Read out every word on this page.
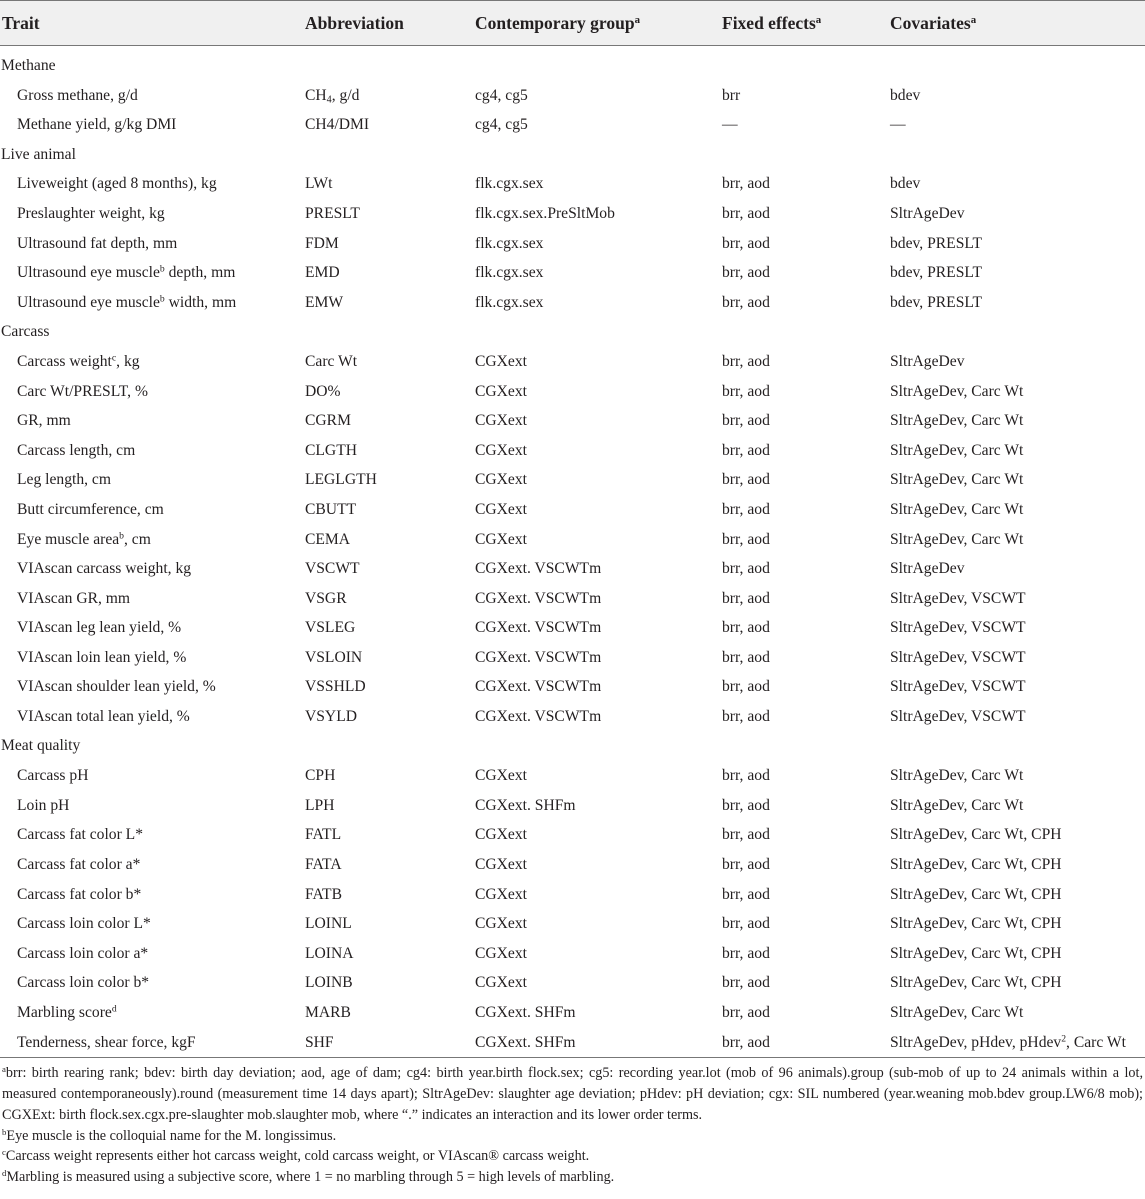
Trait	Abbreviation	Contemporary group$^a$	Fixed effects$^a$	Covariates$^a$
Methane				
Gross methane, g/d	$CH_4$, g/d	cg4, cg5	brr	bdev
Methane yield, g/kg DMI	CH4/DMI	cg4, cg5	—	—
Live animal				
Liveweight (aged 8 months), kg	LWt	flk.cgx.sex	brr, aod	bdev
Preslaughter weight, kg	PRESLT	flk.cgx.sex.PreSltMob	brr, aod	SltrAgeDev
Ultrasound fat depth, mm	FDM	flk.cgx.sex	brr, aod	bdev, PRESLT
Ultrasound eye muscle$^b$ depth, mm	EMD	flk.cgx.sex	brr, aod	bdev, PRESLT
Ultrasound eye muscle$^b$ width, mm	EMW	flk.cgx.sex	brr, aod	bdev, PRESLT
Carcass				
Carcass weight$^c$, kg	Carc Wt	CGXext	brr, aod	SltrAgeDev
Carc Wt/PRESLT, %	DO%	CGXext	brr, aod	SltrAgeDev, Carc Wt
GR, mm	CGRM	CGXext	brr, aod	SltrAgeDev, Carc Wt
Carcass length, cm	CLGTH	CGXext	brr, aod	SltrAgeDev, Carc Wt
Leg length, cm	LEGLGTH	CGXext	brr, aod	SltrAgeDev, Carc Wt
Butt circumference, cm	CBUTT	CGXext	brr, aod	SltrAgeDev, Carc Wt
Eye muscle area$^b$, cm	CEMA	CGXext	brr, aod	SltrAgeDev, Carc Wt
VIAscan carcass weight, kg	VSCWT	CGXext. VSCWTm	brr, aod	SltrAgeDev
VIAscan GR, mm	VSGR	CGXext. VSCWTm	brr, aod	SltrAgeDev, VSCWT
VIAscan leg lean yield, %	VSLEG	CGXext. VSCWTm	brr, aod	SltrAgeDev, VSCWT
VIAscan loin lean yield, %	VSLOIN	CGXext. VSCWTm	brr, aod	SltrAgeDev, VSCWT
VIAscan shoulder lean yield, %	VSSHLD	CGXext. VSCWTm	brr, aod	SltrAgeDev, VSCWT
VIAscan total lean yield, %	VSYLD	CGXext. VSCWTm	brr, aod	SltrAgeDev, VSCWT
Meat quality				
Carcass pH	CPH	CGXext	brr, aod	SltrAgeDev, Carc Wt
Loin pH	LPH	CGXext. SHFm	brr, aod	SltrAgeDev, Carc Wt
Carcass fat color L*	FATL	CGXext	brr, aod	SltrAgeDev, Carc Wt, CPH
Carcass fat color a*	FATA	CGXext	brr, aod	SltrAgeDev, Carc Wt, CPH
Carcass fat color b*	FATB	CGXext	brr, aod	SltrAgeDev, Carc Wt, CPH
Carcass loin color L*	LOINL	CGXext	brr, aod	SltrAgeDev, Carc Wt, CPH
Carcass loin color a*	LOINA	CGXext	brr, aod	SltrAgeDev, Carc Wt, CPH
Carcass loin color b*	LOINB	CGXext	brr, aod	SltrAgeDev, Carc Wt, CPH
Marbling score$^d$	MARB	CGXext. SHFm	brr, aod	SltrAgeDev, Carc Wt
Tenderness, shear force, kgF	SHF	CGXext. SHFm	brr, aod	SltrAgeDev, pHdev, pHdev$^2$, Carc Wt

$^a$brr: birth rearing rank; bdev: birth day deviation; aod, age of dam; cg4: birth year.birth flock.sex; cg5: recording year.lot (mob of 96 animals).group (sub-mob of up to 24 animals within a lot, measured contemporaneously).round (measurement time 14 days apart); SltrAgeDev: slaughter age deviation; pHdev: pH deviation; cgx: SIL numbered (year.weaning mob.bdev group.LW6/8 mob); CGXExt: birth flock.sex.cgx.pre-slaughter mob.slaughter mob, where “.” indicates an interaction and its lower order terms.

$^b$Eye muscle is the colloquial name for the M. longissimus.

$^c$Carcass weight represents either hot carcass weight, cold carcass weight, or VIAscan® carcass weight.

$^d$Marbling is measured using a subjective score, where 1 = no marbling through 5 = high levels of marbling.
